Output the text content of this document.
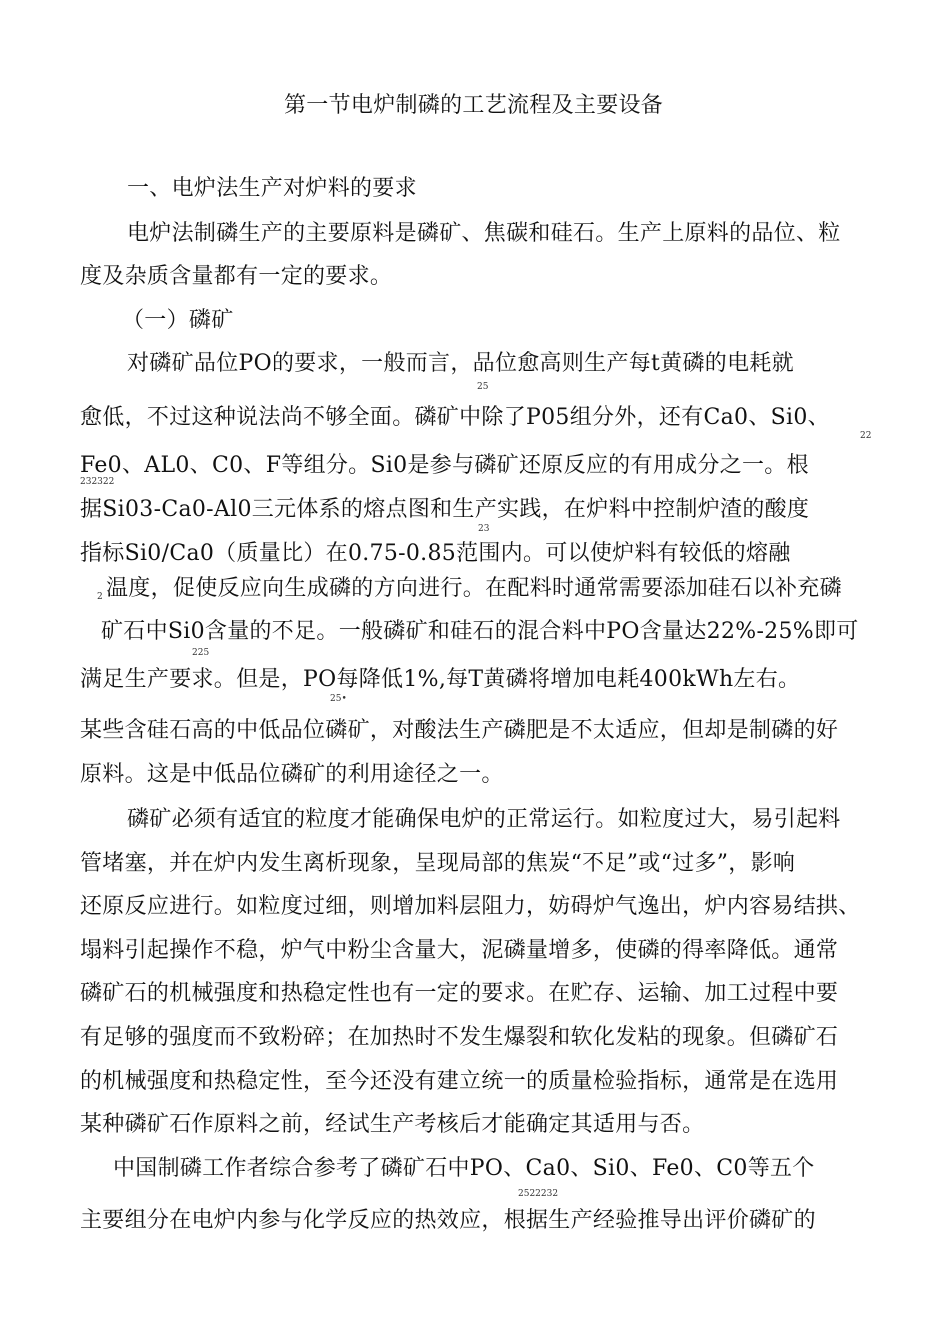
第一节电炉制磷的工艺流程及主要设备
一、电炉法生产对炉料的要求
电炉法制磷生产的主要原料是磷矿、焦碳和硅石。生产上原料的品位、粒
度及杂质含量都有一定的要求。
（一）磷矿
对磷矿品位PO的要求，一般而言，品位愈高则生产每t黄磷的电耗就
25
愈低，不过这种说法尚不够全面。磷矿中除了P05组分外，还有Ca0、Si0、
22
Fe0、AL0、C0、F等组分。Si0是参与磷矿还原反应的有用成分之一。根
232322
据Si03-Ca0-Al0三元体系的熔点图和生产实践，在炉料中控制炉渣的酸度
23
指标Si0/Ca0（质量比）在0.75-0.85范围内。可以使炉料有较低的熔融
2 温度，促使反应向生成磷的方向进行。在配料时通常需要添加硅石以补充磷
矿石中Si0含量的不足。一般磷矿和硅石的混合料中PO含量达22%-25%即可
225
满足生产要求。但是，PO每降低1%,每T黄磷将增加电耗400kWh左右。
25•
某些含硅石高的中低品位磷矿，对酸法生产磷肥是不太适应，但却是制磷的好
原料。这是中低品位磷矿的利用途径之一。
磷矿必须有适宜的粒度才能确保电炉的正常运行。如粒度过大，易引起料
管堵塞，并在炉内发生离析现象，呈现局部的焦炭“不足”或“过多”，影响
还原反应进行。如粒度过细，则增加料层阻力，妨碍炉气逸出，炉内容易结拱、
塌料引起操作不稳，炉气中粉尘含量大，泥磷量增多，使磷的得率降低。通常
磷矿石的机械强度和热稳定性也有一定的要求。在贮存、运输、加工过程中要
有足够的强度而不致粉碎；在加热时不发生爆裂和软化发粘的现象。但磷矿石
的机械强度和热稳定性，至今还没有建立统一的质量检验指标，通常是在选用
某种磷矿石作原料之前，经试生产考核后才能确定其适用与否。
中国制磷工作者综合参考了磷矿石中PO、Ca0、Si0、Fe0、C0等五个
2522232
主要组分在电炉内参与化学反应的热效应，根据生产经验推导出评价磷矿的
